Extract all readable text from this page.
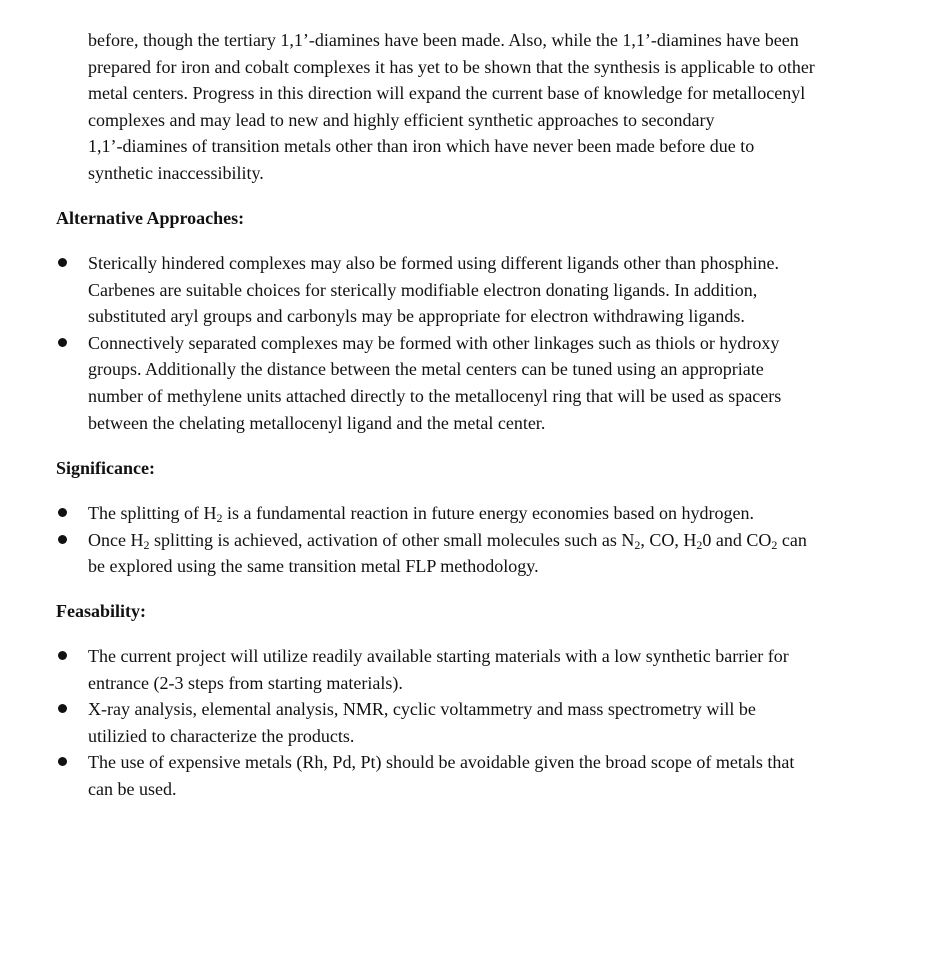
before, though the tertiary 1,1’-diamines have been made. Also, while the 1,1’-diamines have been
prepared for iron and cobalt complexes it has yet to be shown that the synthesis is applicable to other
metal centers. Progress in this direction will expand the current base of knowledge for metallocenyl
complexes and may lead to new and highly efficient synthetic approaches to secondary
1,1’-diamines of transition metals other than iron which have never been made before due to
synthetic inaccessibility.
Alternative Approaches:
Sterically hindered complexes may also be formed using different ligands other than phosphine.
Carbenes are suitable choices for sterically modifiable electron donating ligands. In addition,
substituted aryl groups and carbonyls may be appropriate for electron withdrawing ligands.
Connectively separated complexes may be formed with other linkages such as thiols or hydroxy
groups. Additionally the distance between the metal centers can be tuned using an appropriate
number of methylene units attached directly to the metallocenyl ring that will be used as spacers
between the chelating metallocenyl ligand and the metal center.
Significance:
The splitting of $H_2$ is a fundamental reaction in future energy economies based on hydrogen.
Once $H_2$ splitting is achieved, activation of other small molecules such as $N_2$, CO, $H_20$ and $CO_2$ can
be explored using the same transition metal FLP methodology.
Feasability:
The current project will utilize readily available starting materials with a low synthetic barrier for
entrance (2-3 steps from starting materials).
X-ray analysis, elemental analysis, NMR, cyclic voltammetry and mass spectrometry will be
utilizied to characterize the products.
The use of expensive metals (Rh, Pd, Pt) should be avoidable given the broad scope of metals that
can be used.
